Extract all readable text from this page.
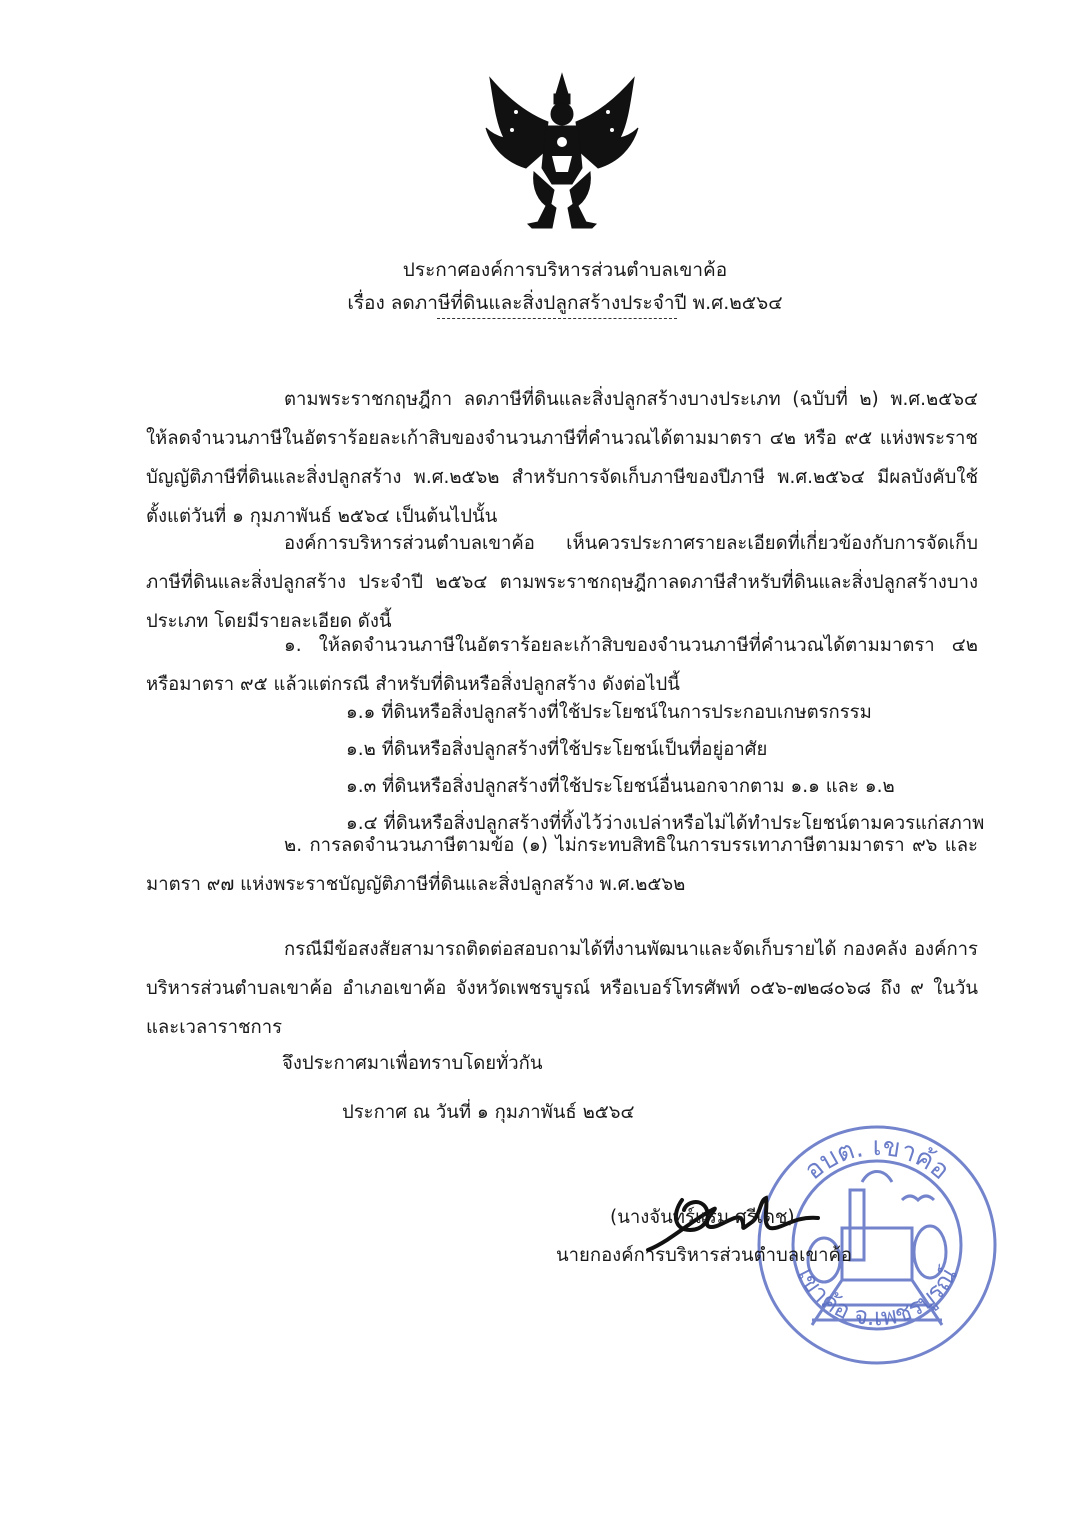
ประกาศองค์การบริหารส่วนตำบลเขาค้อ
เรื่อง ลดภาษีที่ดินและสิ่งปลูกสร้างประจำปี พ.ศ.๒๕๖๔
ตามพระราชกฤษฎีกา ลดภาษีที่ดินและสิ่งปลูกสร้างบางประเภท (ฉบับที่ ๒) พ.ศ.๒๕๖๔ ให้ลดจำนวนภาษีในอัตราร้อยละเก้าสิบของจำนวนภาษีที่คำนวณได้ตามมาตรา ๔๒ หรือ ๙๕ แห่งพระราชบัญญัติภาษีที่ดินและสิ่งปลูกสร้าง พ.ศ.๒๕๖๒ สำหรับการจัดเก็บภาษีของปีภาษี พ.ศ.๒๕๖๔ มีผลบังคับใช้ตั้งแต่วันที่ ๑ กุมภาพันธ์ ๒๕๖๔ เป็นต้นไปนั้น
องค์การบริหารส่วนตำบลเขาค้อ เห็นควรประกาศรายละเอียดที่เกี่ยวข้องกับการจัดเก็บภาษีที่ดินและสิ่งปลูกสร้าง ประจำปี ๒๕๖๔ ตามพระราชกฤษฎีกาลดภาษีสำหรับที่ดินและสิ่งปลูกสร้างบางประเภท โดยมีรายละเอียด ดังนี้
๑. ให้ลดจำนวนภาษีในอัตราร้อยละเก้าสิบของจำนวนภาษีที่คำนวณได้ตามมาตรา ๔๒ หรือมาตรา ๙๕ แล้วแต่กรณี สำหรับที่ดินหรือสิ่งปลูกสร้าง ดังต่อไปนี้
๑.๑ ที่ดินหรือสิ่งปลูกสร้างที่ใช้ประโยชน์ในการประกอบเกษตรกรรม
๑.๒ ที่ดินหรือสิ่งปลูกสร้างที่ใช้ประโยชน์เป็นที่อยู่อาศัย
๑.๓ ที่ดินหรือสิ่งปลูกสร้างที่ใช้ประโยชน์อื่นนอกจากตาม ๑.๑ และ ๑.๒
๑.๔ ที่ดินหรือสิ่งปลูกสร้างที่ทิ้งไว้ว่างเปล่าหรือไม่ได้ทำประโยชน์ตามควรแก่สภาพ
๒. การลดจำนวนภาษีตามข้อ (๑) ไม่กระทบสิทธิในการบรรเทาภาษีตามมาตรา ๙๖ และมาตรา ๙๗ แห่งพระราชบัญญัติภาษีที่ดินและสิ่งปลูกสร้าง พ.ศ.๒๕๖๒
กรณีมีข้อสงสัยสามารถติดต่อสอบถามได้ที่งานพัฒนาและจัดเก็บรายได้ กองคลัง องค์การบริหารส่วนตำบลเขาค้อ อำเภอเขาค้อ จังหวัดเพชรบูรณ์ หรือเบอร์โทรศัพท์ ๐๕๖-๗๒๘๐๖๘ ถึง ๙ ในวันและเวลาราชการ
จึงประกาศมาเพื่อทราบโดยทั่วกัน
ประกาศ ณ วันที่ ๑ กุมภาพันธ์ ๒๕๖๔
อบต. เขาค้อ
เขาค้อ จ.เพชรบูรณ์
(นางจันทร์แรม ศรีเดช)
นายกองค์การบริหารส่วนตำบลเขาค้อ
